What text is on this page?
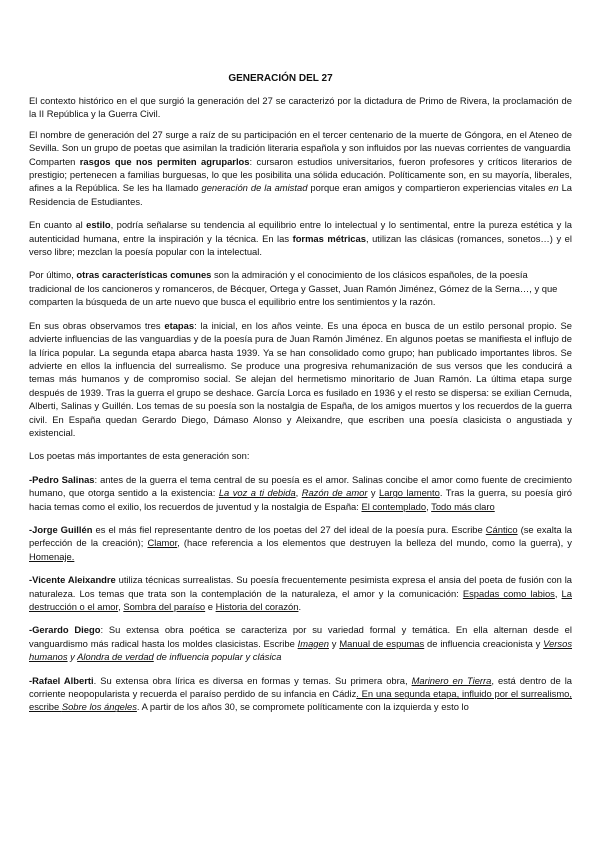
GENERACIÓN DEL 27

El contexto histórico en el que surgió la generación del 27 se caracterizó por la dictadura de Primo de Rivera, la proclamación de la II República y la Guerra Civil.

El nombre de generación del 27 surge a raíz de su participación en el tercer centenario de la muerte de Góngora, en el Ateneo de Sevilla. Son un grupo de poetas que asimilan la tradición literaria española y son influidos por las nuevas corrientes de vanguardia

Comparten rasgos que nos permiten agruparlos: cursaron estudios universitarios, fueron profesores y críticos literarios de prestigio; pertenecen a familias burguesas, lo que les posibilita una sólida educación. Políticamente son, en su mayoría, liberales, afines a la República. Se les ha llamado generación de la amistad porque eran amigos y compartieron experiencias vitales en La Residencia de Estudiantes.

En cuanto al estilo, podría señalarse su tendencia al equilibrio entre lo intelectual y lo sentimental, entre la pureza estética y la autenticidad humana, entre la inspiración y la técnica. En las formas métricas, utilizan las clásicas (romances, sonetos…) y el verso libre; mezclan la poesía popular con la intelectual.

Por último, otras características comunes son la admiración y el conocimiento de los clásicos españoles, de la poesía tradicional de los cancioneros y romanceros, de Bécquer, Ortega y Gasset, Juan Ramón Jiménez, Gómez de la Serna…, y que comparten la búsqueda de un arte nuevo que busca el equilibrio entre los sentimientos y la razón.

En sus obras observamos tres etapas: la inicial, en los años veinte. Es una época en busca de un estilo personal propio. Se advierte influencias de las vanguardias y de la poesía pura de Juan Ramón Jiménez. En algunos poetas se manifiesta el influjo de la lírica popular. La segunda etapa abarca hasta 1939. Ya se han consolidado como grupo; han publicado importantes libros. Se advierte en ellos la influencia del surrealismo. Se produce una progresiva rehumanización de sus versos que les conducirá a temas más humanos y de compromiso social. Se alejan del hermetismo minoritario de Juan Ramón. La última etapa surge después de 1939. Tras la guerra el grupo se deshace. García Lorca es fusilado en 1936 y el resto se dispersa: se exilian Cernuda, Alberti, Salinas y Guillén. Los temas de su poesía son la nostalgia de España, de los amigos muertos y los recuerdos de la guerra civil. En España quedan Gerardo Diego, Dámaso Alonso y Aleixandre, que escriben una poesía clasicista o angustiada y existencial.

Los poetas más importantes de esta generación son:

-Pedro Salinas: antes de la guerra el tema central de su poesía es el amor. Salinas concibe el amor como fuente de crecimiento humano, que otorga sentido a la existencia: La voz a ti debida, Razón de amor y Largo lamento. Tras la guerra, su poesía giró hacia temas como el exilio, los recuerdos de juventud y la nostalgia de España: El contemplado, Todo más claro

-Jorge Guillén es el más fiel representante dentro de los poetas del 27 del ideal de la poesía pura. Escribe Cántico (se exalta la perfección de la creación); Clamor, (hace referencia a los elementos que destruyen la belleza del mundo, como la guerra), y Homenaje.

-Vicente Aleixandre utiliza técnicas surrealistas. Su poesía frecuentemente pesimista expresa el ansia del poeta de fusión con la naturaleza. Los temas que trata son la contemplación de la naturaleza, el amor y la comunicación: Espadas como labios, La destrucción o el amor, Sombra del paraíso e Historia del corazón.

-Gerardo Diego: Su extensa obra poética se caracteriza por su variedad formal y temática. En ella alternan desde el vanguardismo más radical hasta los moldes clasicistas. Escribe Imagen y Manual de espumas de influencia creacionista y Versos humanos y Alondra de verdad de influencia popular y clásica

-Rafael Alberti. Su extensa obra lírica es diversa en formas y temas. Su primera obra, Marinero en Tierra, está dentro de la corriente neopopularista y recuerda el paraíso perdido de su infancia en Cádiz. En una segunda etapa, influido por el surrealismo, escribe Sobre los ángeles. A partir de los años 30, se compromete políticamente con la izquierda y esto lo
